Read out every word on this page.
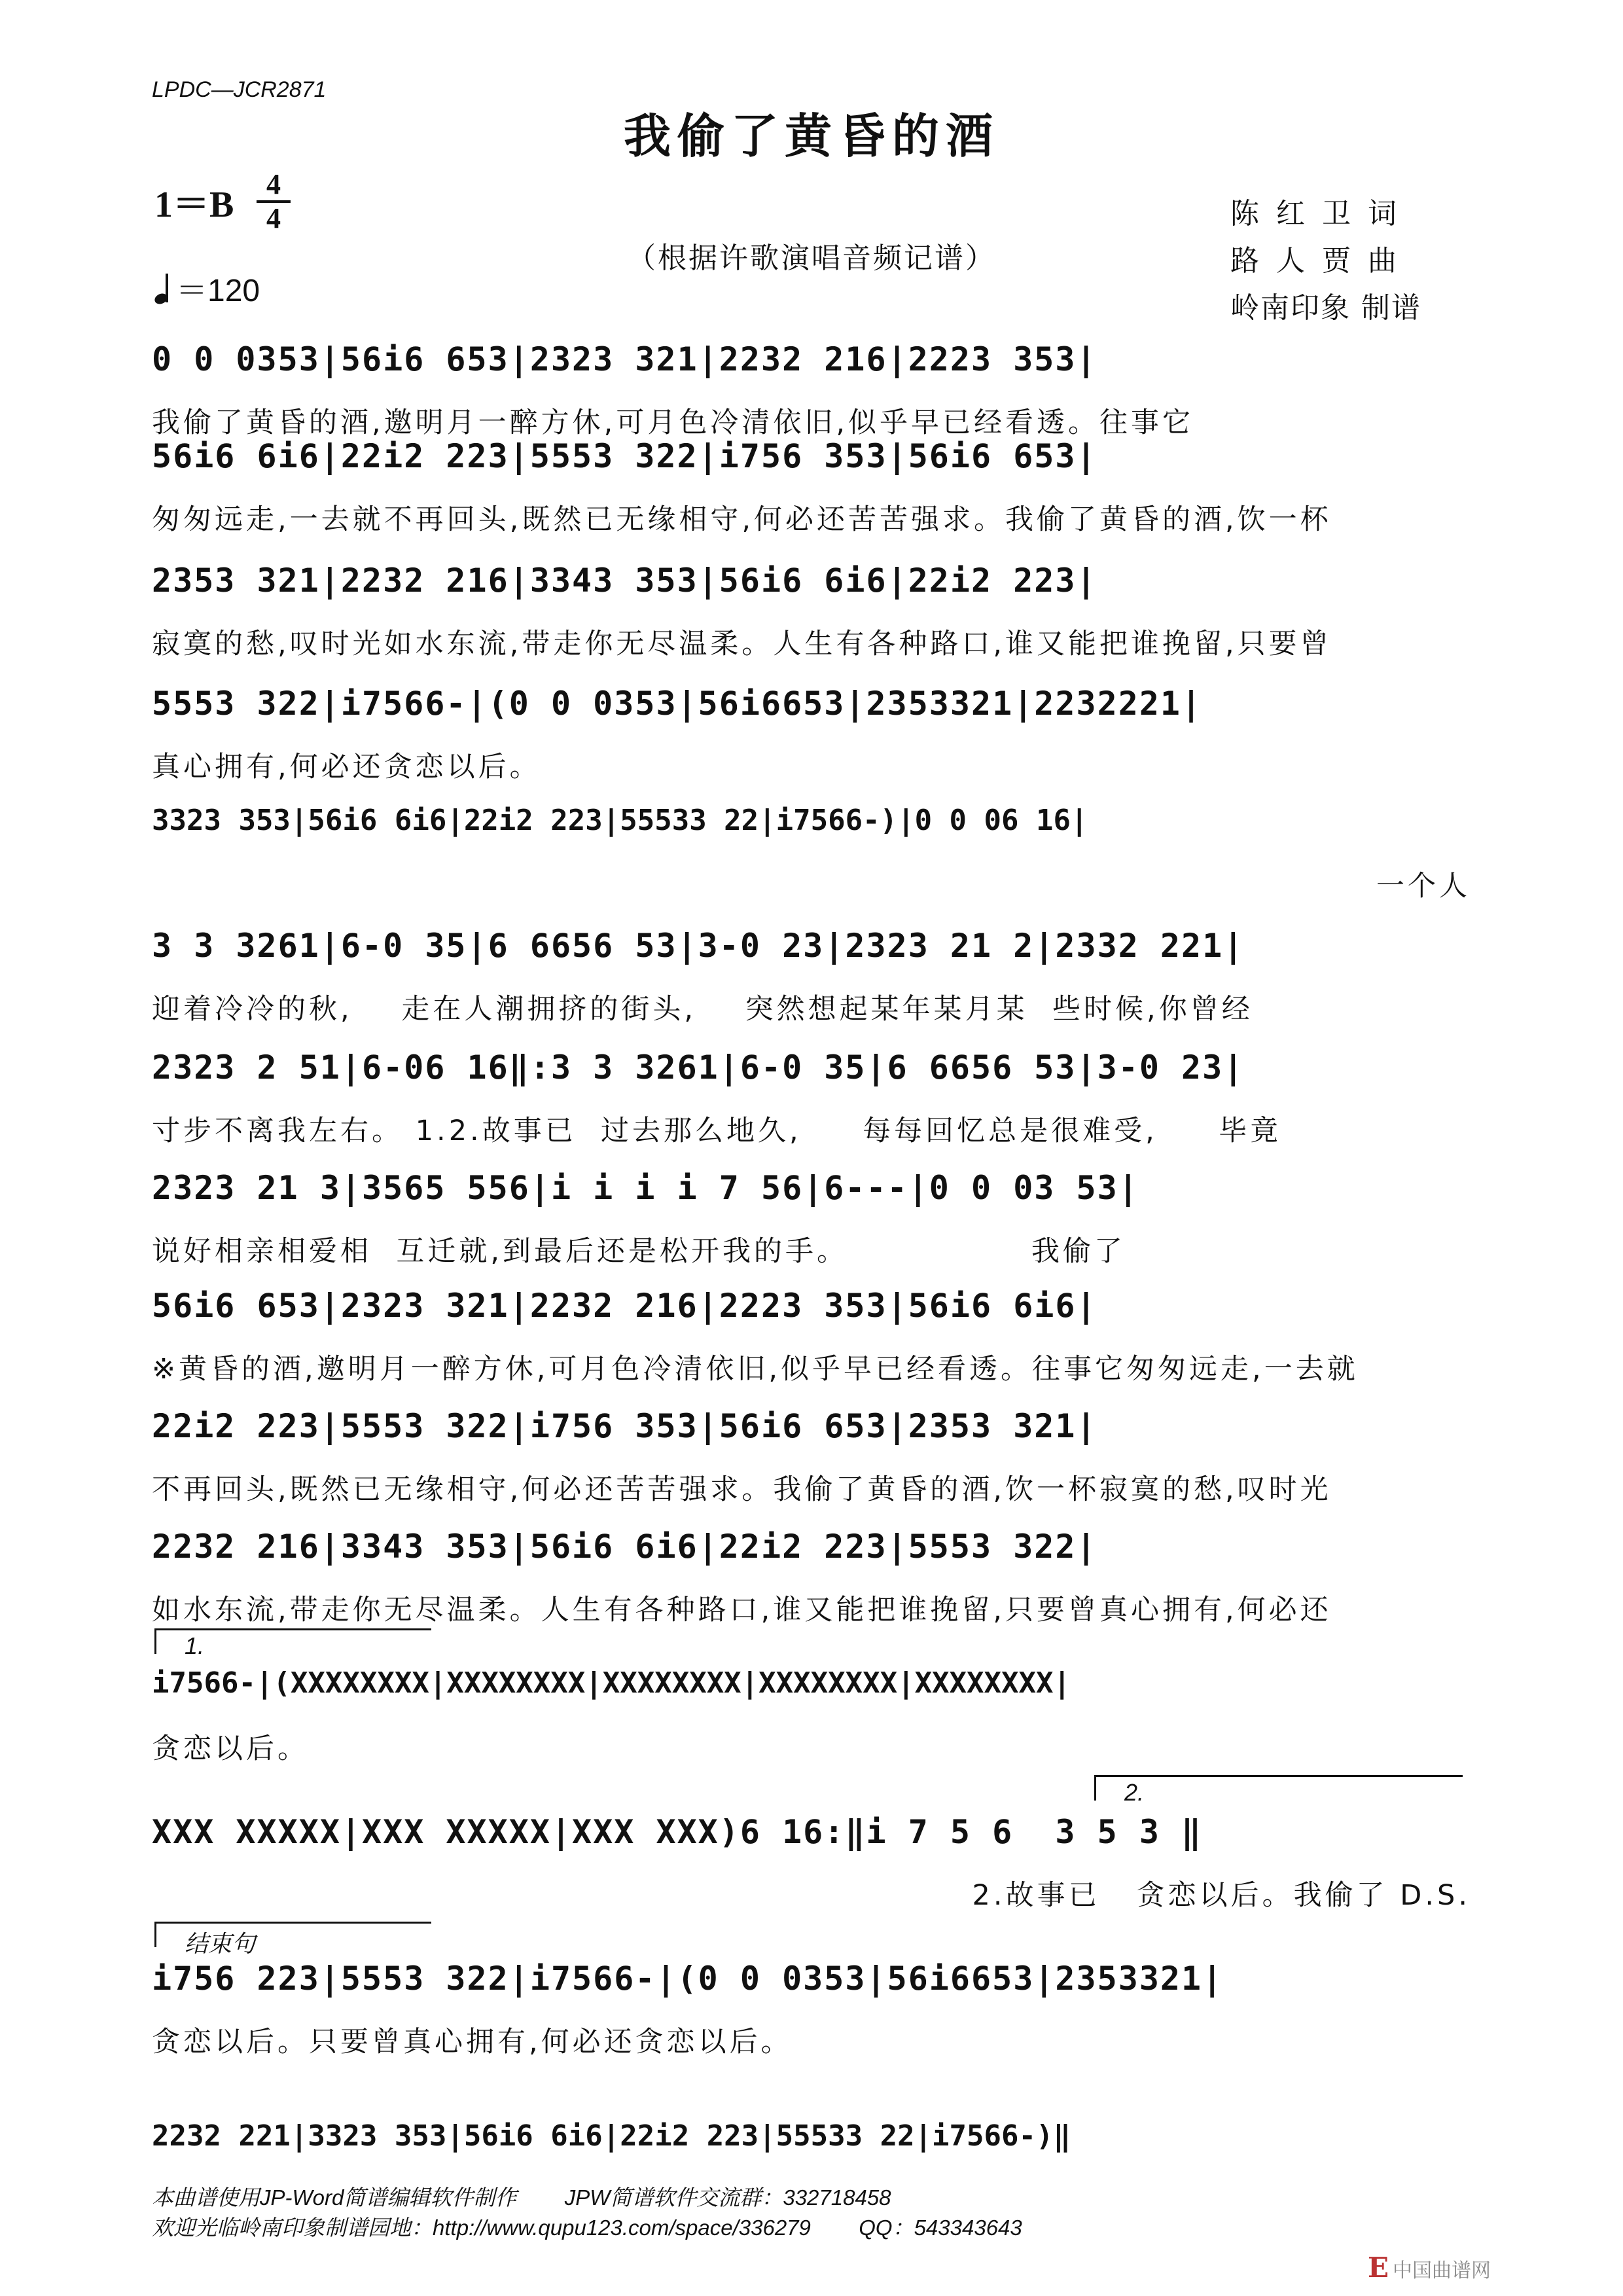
LPDC—JCR2871
我偷了黄昏的酒
1＝B
4
4
＝120
（根据许歌演唱音频记谱）
陈 红 卫 词
路 人 贾 曲
岭南印象 制谱
0 0 0353|56i6 653|2323 321|2232 216|2223 353|
我偷了黄昏的酒,邀明月一醉方休,可月色冷清依旧,似乎早已经看透。往事它
56i6 6i6|22i2 223|5553 322|i756 353|56i6 653|
匆匆远走,一去就不再回头,既然已无缘相守,何必还苦苦强求。我偷了黄昏的酒,饮一杯
2353 321|2232 216|3343 353|56i6 6i6|22i2 223|
寂寞的愁,叹时光如水东流,带走你无尽温柔。人生有各种路口,谁又能把谁挽留,只要曾
5553 322|i7566-|(0 0 0353|56i6653|2353321|2232221|
真心拥有,何必还贪恋以后。
3323 353|56i6 6i6|22i2 223|55533 22|i7566-)|0 0 06 16|
一个人
3 3 3261|6-0 35|6 6656 53|3-0 23|2323 21 2|2332 221|
迎着冷冷的秋,    走在人潮拥挤的街头,    突然想起某年某月某  些时候,你曾经
2323 2 51|6-06 16‖:3 3 3261|6-0 35|6 6656 53|3-0 23|
寸步不离我左右。 1.2.故事已  过去那么地久,     每每回忆总是很难受,     毕竟
2323 21 3|3565 556|i i i i 7 56|6---|0 0 03 53|
说好相亲相爱相  互迁就,到最后还是松开我的手。               我偷了
56i6 653|2323 321|2232 216|2223 353|56i6 6i6|
※黄昏的酒,邀明月一醉方休,可月色冷清依旧,似乎早已经看透。往事它匆匆远走,一去就
22i2 223|5553 322|i756 353|56i6 653|2353 321|
不再回头,既然已无缘相守,何必还苦苦强求。我偷了黄昏的酒,饮一杯寂寞的愁,叹时光
2232 216|3343 353|56i6 6i6|22i2 223|5553 322|
如水东流,带走你无尽温柔。人生有各种路口,谁又能把谁挽留,只要曾真心拥有,何必还
1.
i7566-|(XXXXXXXX|XXXXXXXX|XXXXXXXX|XXXXXXXX|XXXXXXXX|
贪恋以后。
2.
XXX XXXXX|XXX XXXXX|XXX XXX)6 16:‖i 7 5 6  3 5 3 ‖
2.故事已   贪恋以后。我偷了 D.S.
结束句
i756 223|5553 322|i7566-|(0 0 0353|56i6653|2353321|
贪恋以后。只要曾真心拥有,何必还贪恋以后。
2232 221|3323 353|56i6 6i6|22i2 223|55533 22|i7566-)‖
本曲谱使用JP-Word简谱编辑软件制作        JPW简谱软件交流群：332718458
欢迎光临岭南印象制谱园地：http://www.qupu123.com/space/336279        QQ：543343643
E 中国曲谱网
